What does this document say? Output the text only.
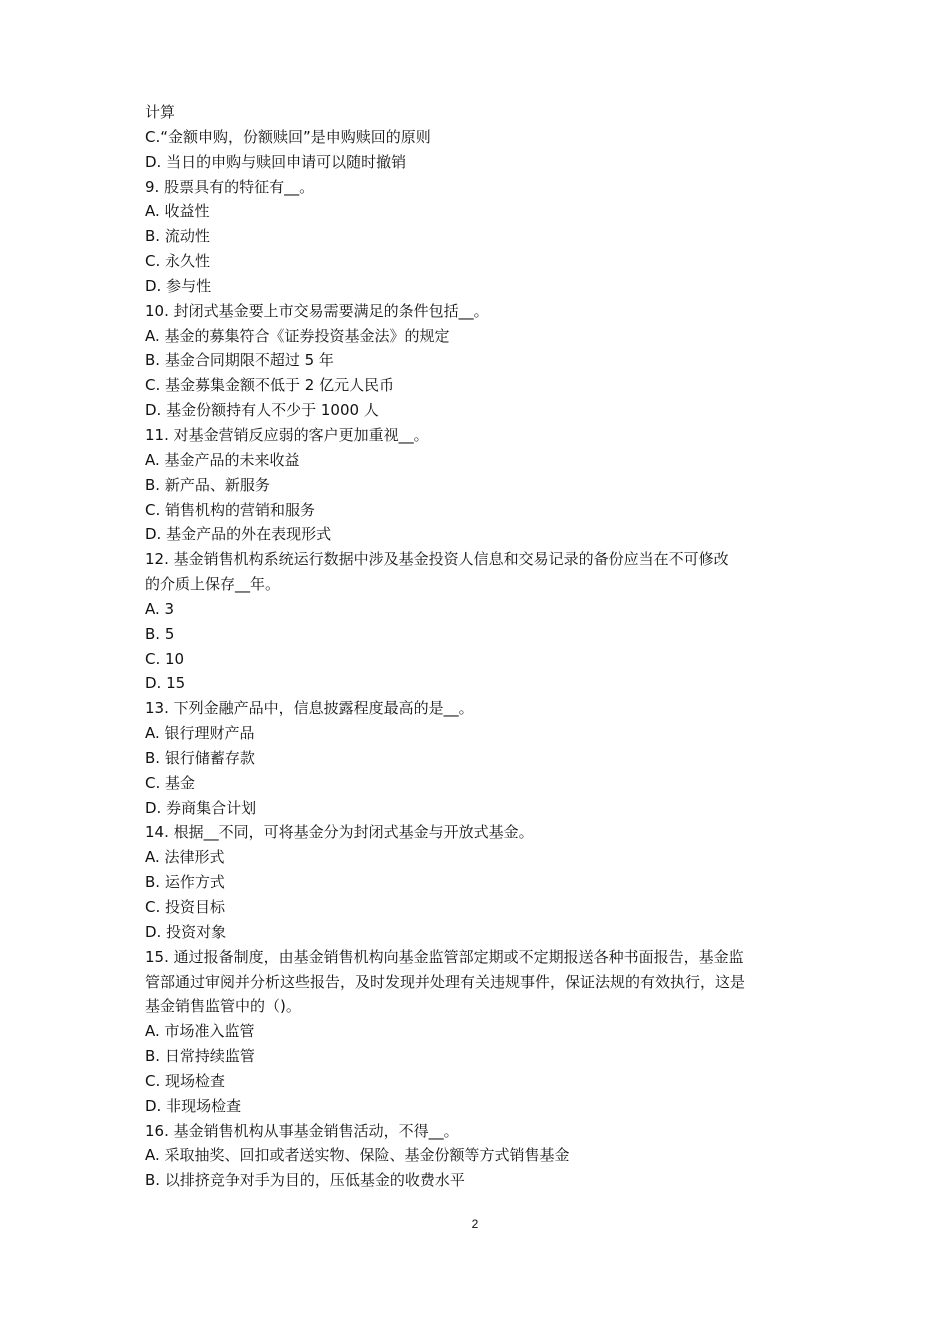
计算
C.“金额申购，份额赎回”是申购赎回的原则
D. 当日的申购与赎回申请可以随时撤销
9. 股票具有的特征有__。
A. 收益性
B. 流动性
C. 永久性
D. 参与性
10. 封闭式基金要上市交易需要满足的条件包括__。
A. 基金的募集符合《证券投资基金法》的规定
B. 基金合同期限不超过 5 年
C. 基金募集金额不低于 2 亿元人民币
D. 基金份额持有人不少于 1000 人
11. 对基金营销反应弱的客户更加重视__。
A. 基金产品的未来收益
B. 新产品、新服务
C. 销售机构的营销和服务
D. 基金产品的外在表现形式
12. 基金销售机构系统运行数据中涉及基金投资人信息和交易记录的备份应当在不可修改
的介质上保存__年。
A. 3
B. 5
C. 10
D. 15
13. 下列金融产品中，信息披露程度最高的是__。
A. 银行理财产品
B. 银行储蓄存款
C. 基金
D. 券商集合计划
14. 根据__不同，可将基金分为封闭式基金与开放式基金。
A. 法律形式
B. 运作方式
C. 投资目标
D. 投资对象
15. 通过报备制度，由基金销售机构向基金监管部定期或不定期报送各种书面报告，基金监
管部通过审阅并分析这些报告，及时发现并处理有关违规事件，保证法规的有效执行，这是
基金销售监管中的（)。
A. 市场准入监管
B. 日常持续监管
C. 现场检查
D. 非现场检查
16. 基金销售机构从事基金销售活动，不得__。
A. 采取抽奖、回扣或者送实物、保险、基金份额等方式销售基金
B. 以排挤竞争对手为目的，压低基金的收费水平
2
